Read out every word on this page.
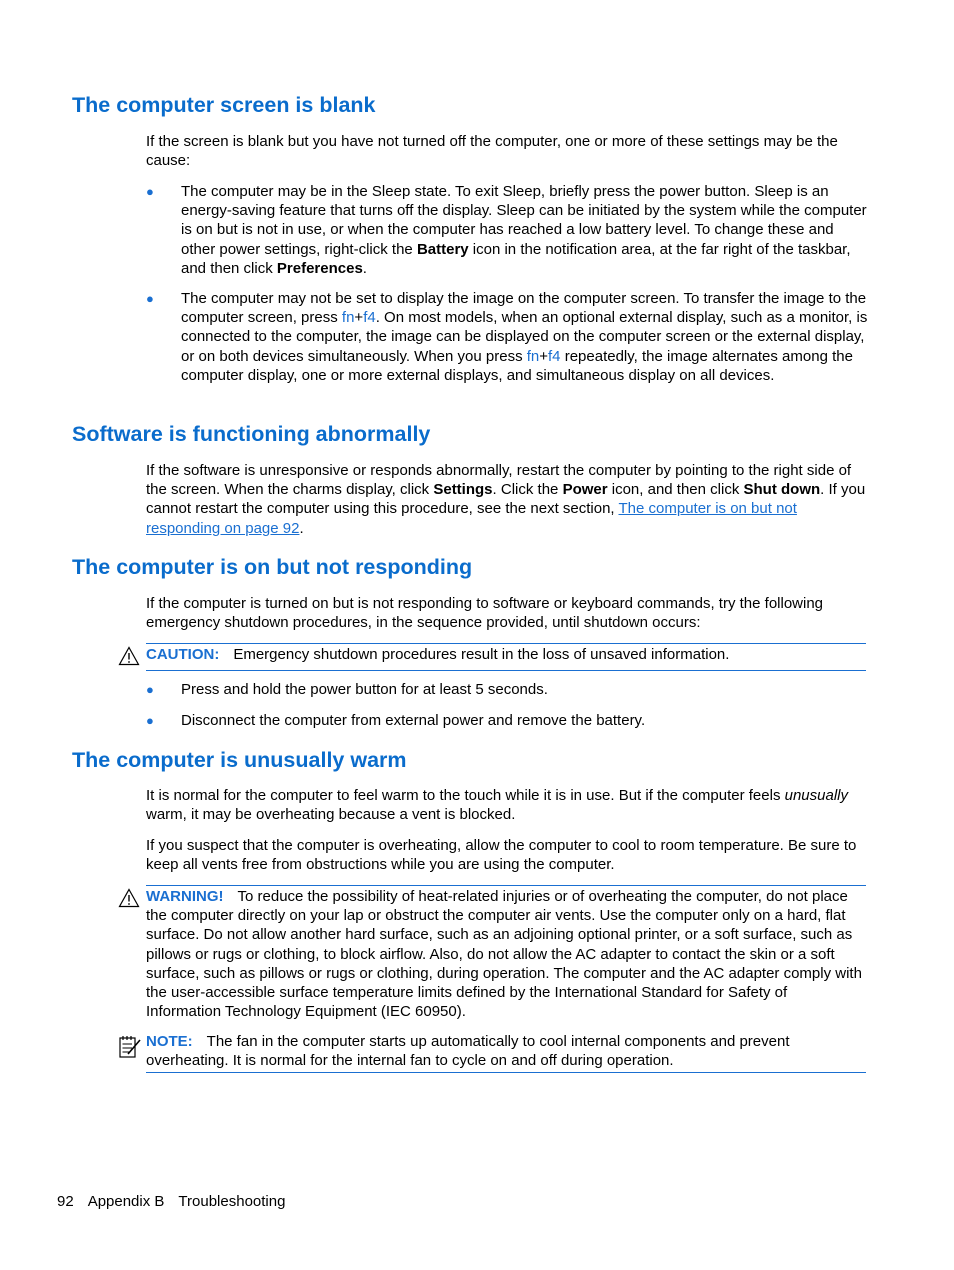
The computer screen is blank

If the screen is blank but you have not turned off the computer, one or more of these settings may be the cause:

● The computer may be in the Sleep state. To exit Sleep, briefly press the power button. Sleep is an energy-saving feature that turns off the display. Sleep can be initiated by the system while the computer is on but is not in use, or when the computer has reached a low battery level. To change these and other power settings, right-click the Battery icon in the notification area, at the far right of the taskbar, and then click Preferences.
● The computer may not be set to display the image on the computer screen. To transfer the image to the computer screen, press fn+f4. On most models, when an optional external display, such as a monitor, is connected to the computer, the image can be displayed on the computer screen or the external display, or on both devices simultaneously. When you press fn+f4 repeatedly, the image alternates among the computer display, one or more external displays, and simultaneous display on all devices.
Software is functioning abnormally

If the software is unresponsive or responds abnormally, restart the computer by pointing to the right side of the screen. When the charms display, click Settings. Click the Power icon, and then click Shut down. If you cannot restart the computer using this procedure, see the next section, The computer is on but not responding on page 92.

The computer is on but not responding

If the computer is turned on but is not responding to software or keyboard commands, try the following emergency shutdown procedures, in the sequence provided, until shutdown occurs:

CAUTION: Emergency shutdown procedures result in the loss of unsaved information.
● Press and hold the power button for at least 5 seconds.
● Disconnect the computer from external power and remove the battery.
The computer is unusually warm

It is normal for the computer to feel warm to the touch while it is in use. But if the computer feels unusually warm, it may be overheating because a vent is blocked.

If you suspect that the computer is overheating, allow the computer to cool to room temperature. Be sure to keep all vents free from obstructions while you are using the computer.

WARNING! To reduce the possibility of heat-related injuries or of overheating the computer, do not place the computer directly on your lap or obstruct the computer air vents. Use the computer only on a hard, flat surface. Do not allow another hard surface, such as an adjoining optional printer, or a soft surface, such as pillows or rugs or clothing, to block airflow. Also, do not allow the AC adapter to contact the skin or a soft surface, such as pillows or rugs or clothing, during operation. The computer and the AC adapter comply with the user-accessible surface temperature limits defined by the International Standard for Safety of Information Technology Equipment (IEC 60950).
NOTE: The fan in the computer starts up automatically to cool internal components and prevent overheating. It is normal for the internal fan to cycle on and off during operation.
92 Appendix B Troubleshooting
